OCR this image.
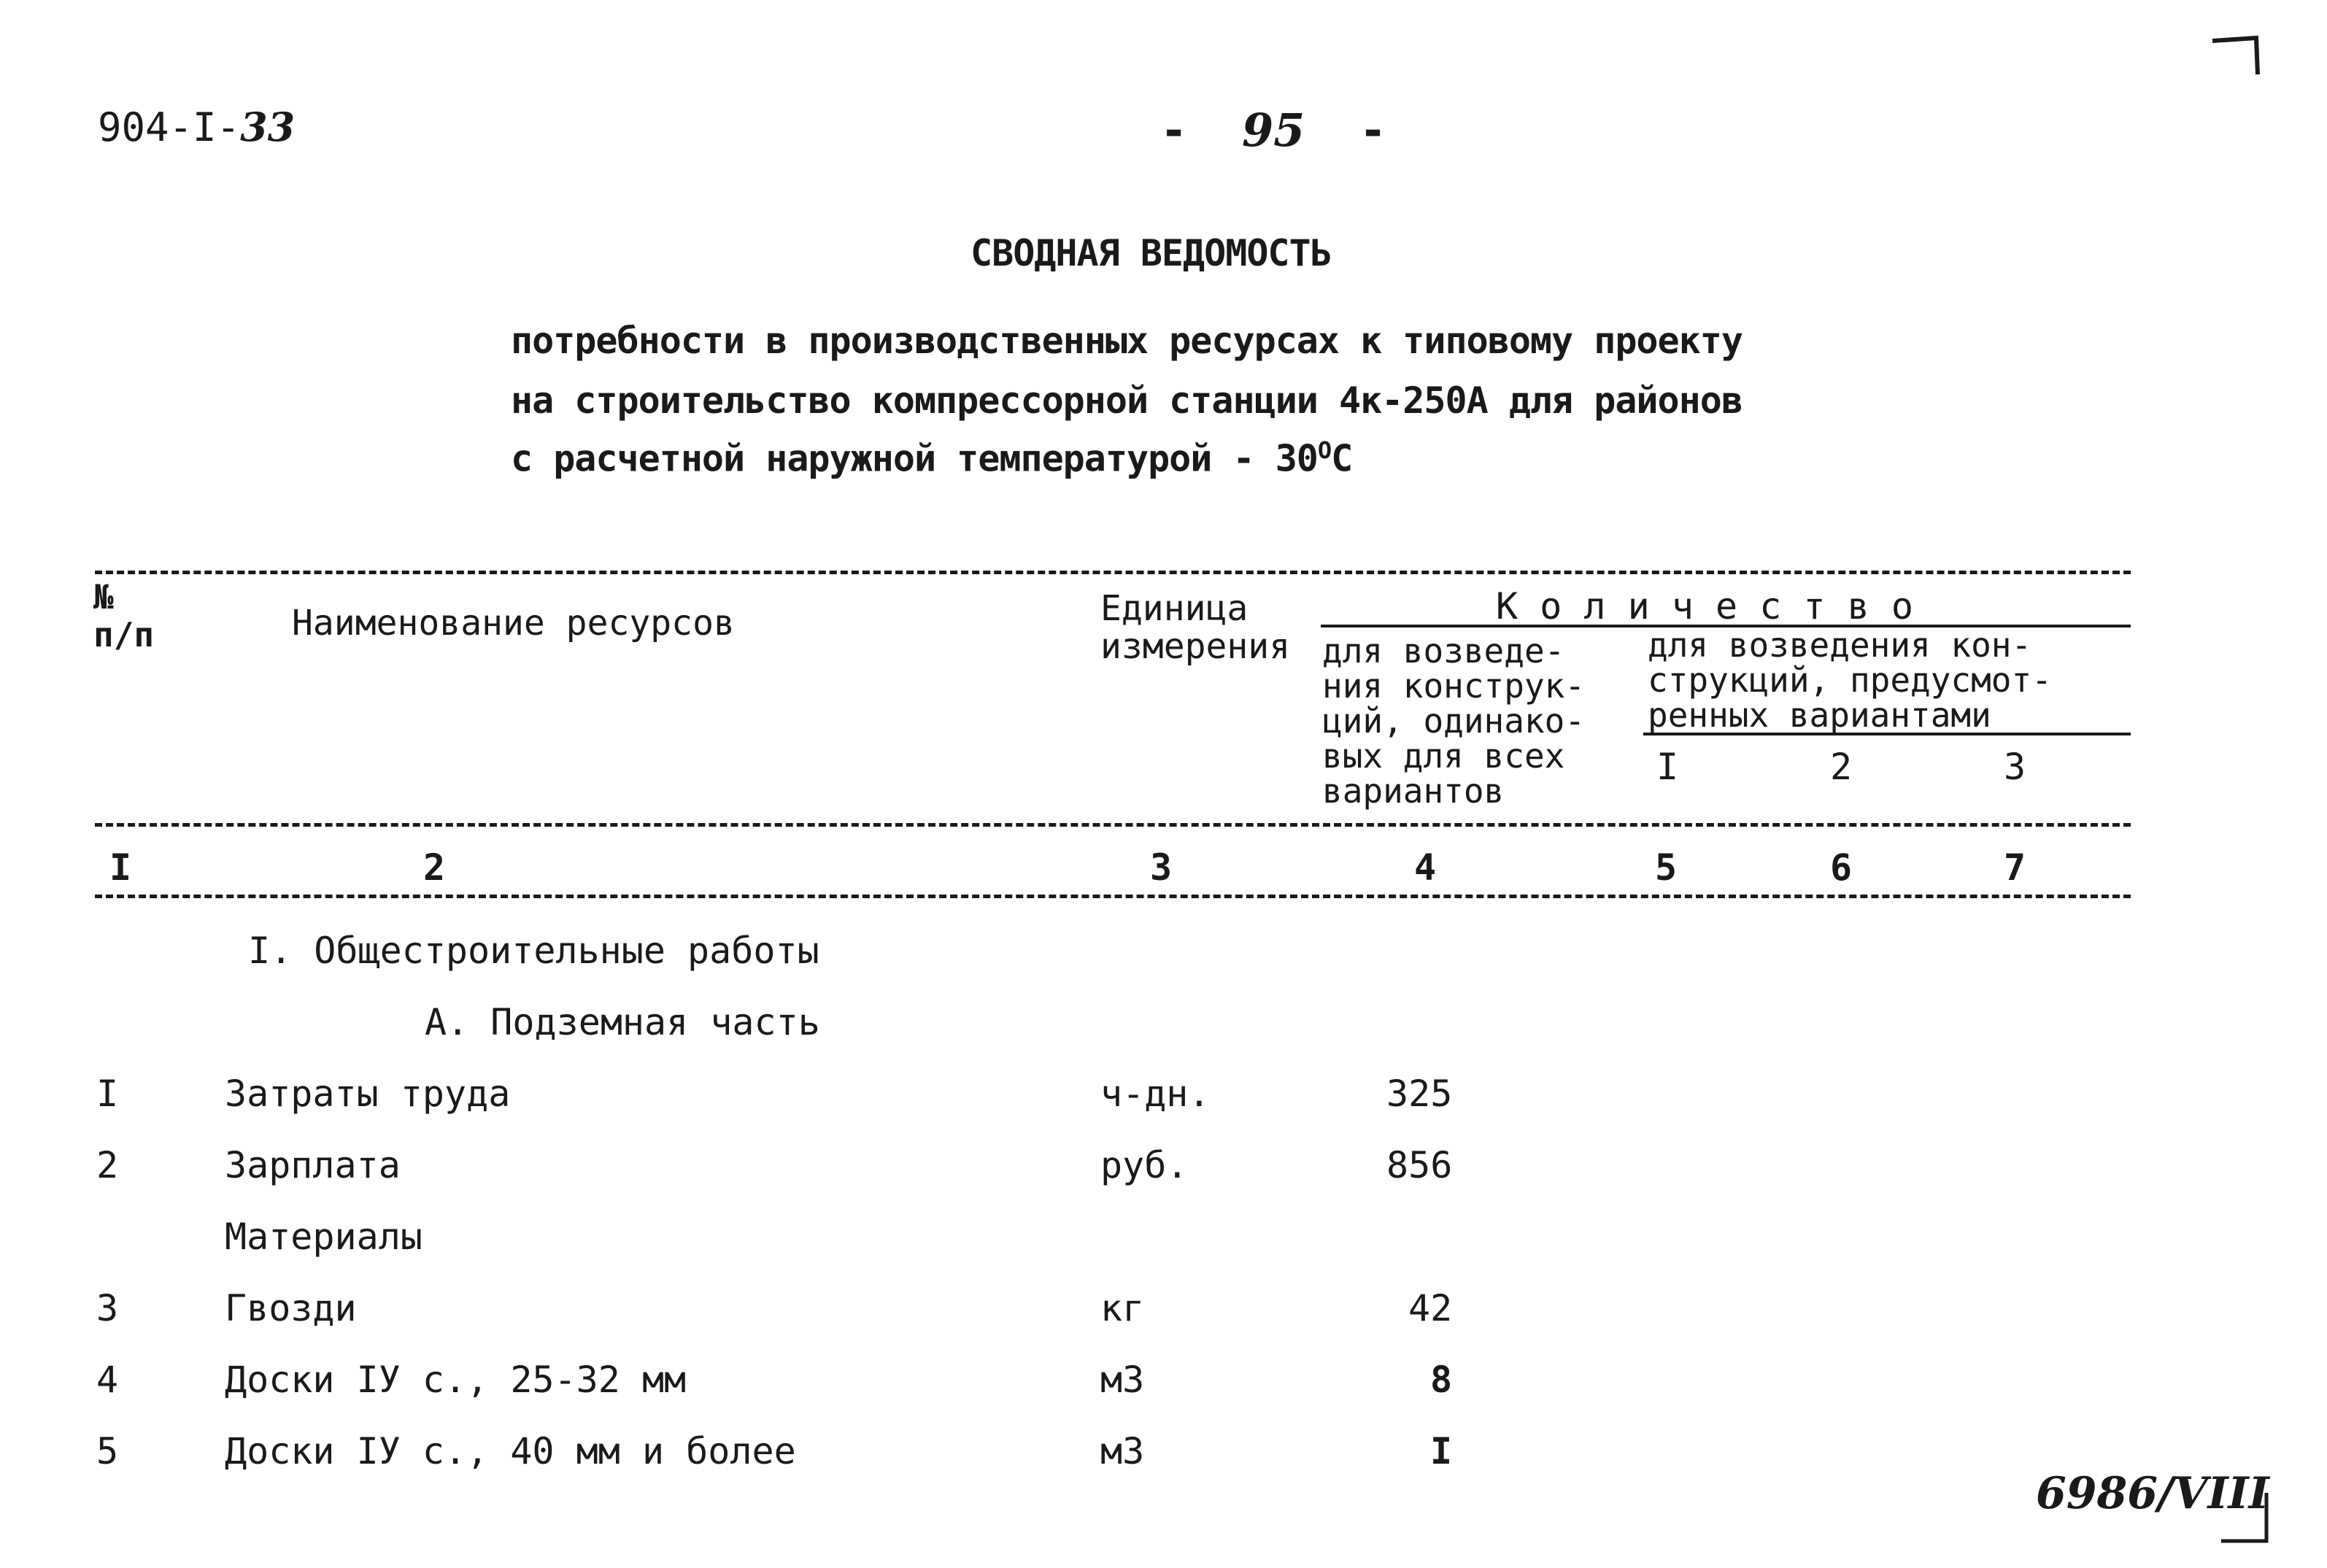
904-I-33	- 95 -
СВОДНАЯ ВЕДОМОСТЬ
потребности в производственных ресурсах к типовому проекту
на строительство компрессорной станции 4к-250А для районов
с расчетной наружной температурой - $30^OC$
№
п/п	Наименование ресурсов	Единица
измерения
К о л и ч е с т в о
для возведе-
ния конструк-
ций, одинако-
вых для всех
вариантов
для возведения кон-
струкций, предусмот-
ренных вариантами
I	2	3
I	2	3	4	5	6	7
I. Общестроительные работы
А. Подземная часть
I	Затраты труда	ч-дн.	325
2	Зарплата	руб.	856
Материалы
3	Гвозди	кг	42
4	Доски IУ с., 25-32 мм	м3	8
5	Доски IУ с., 40 мм и более	м3	I
6986/VIII
